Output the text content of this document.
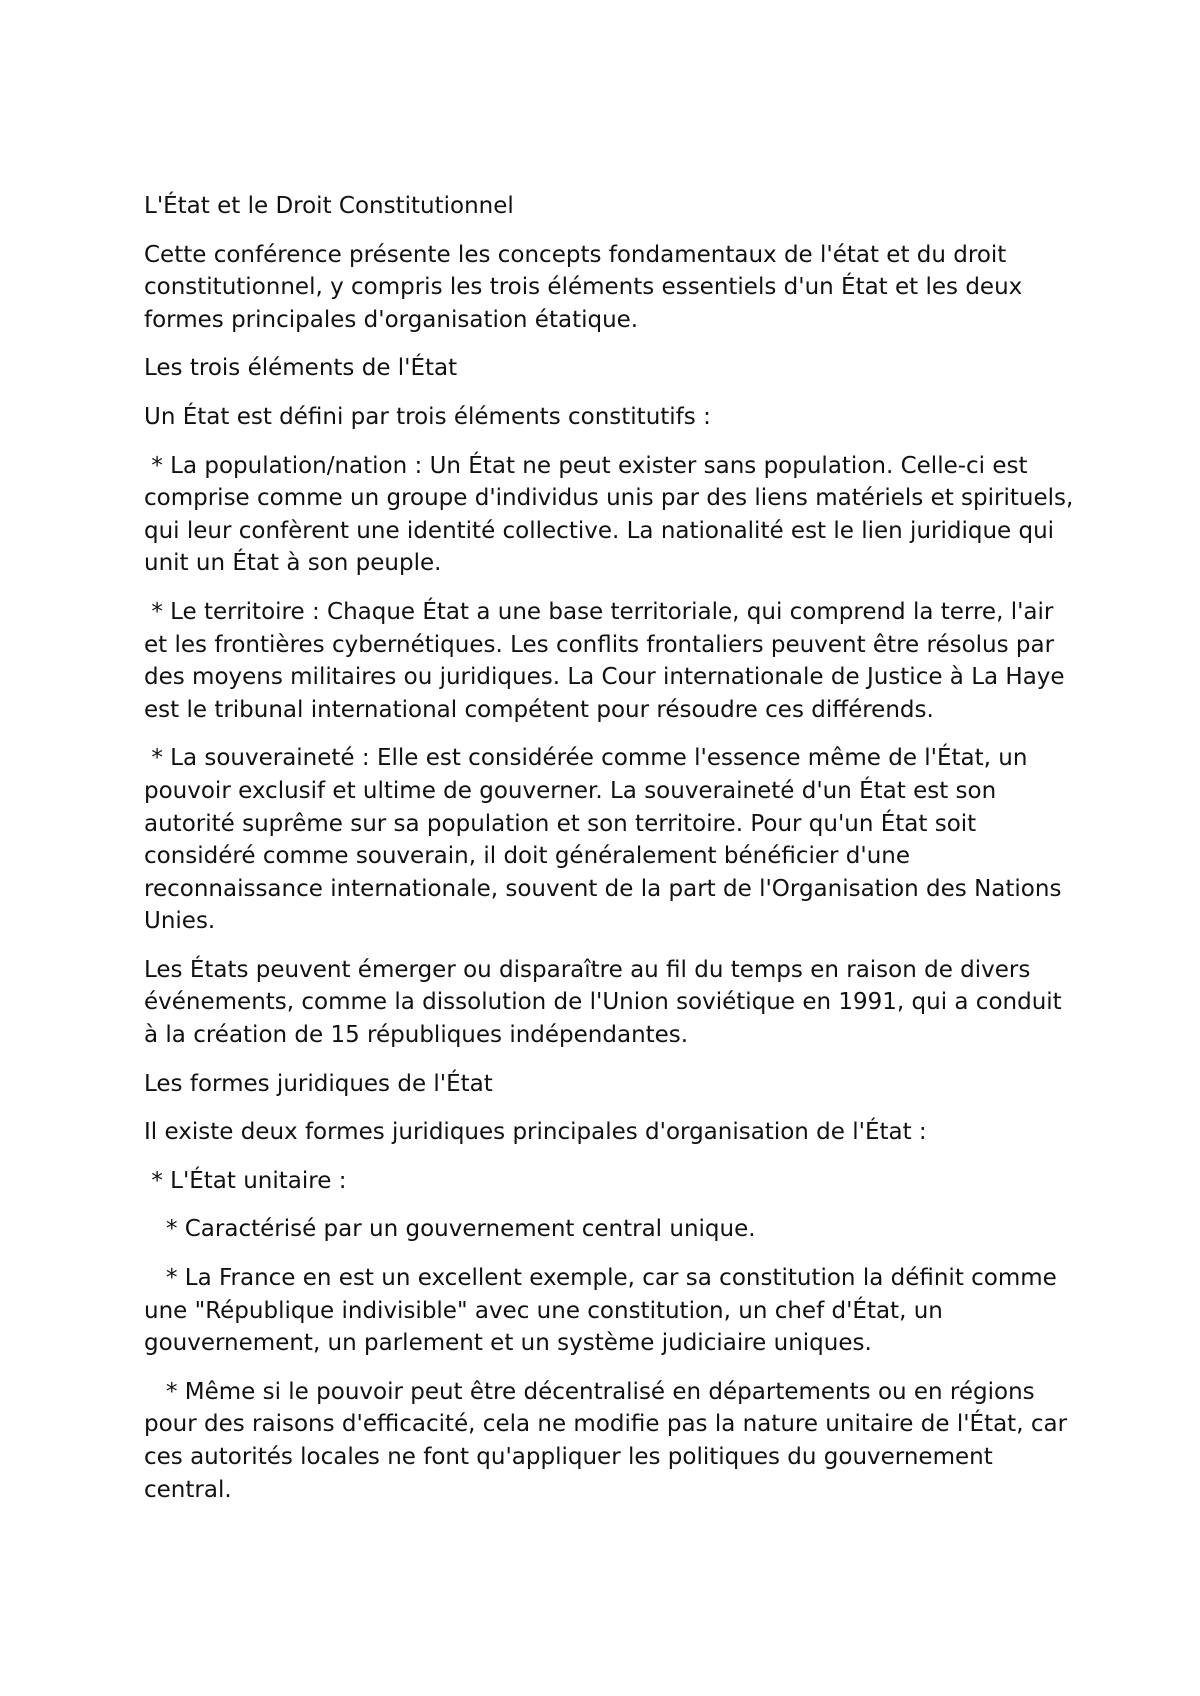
L'État et le Droit Constitutionnel

Cette conférence présente les concepts fondamentaux de l'état et du droit constitutionnel, y compris les trois éléments essentiels d'un État et les deux formes principales d'organisation étatique.

Les trois éléments de l'État

Un État est défini par trois éléments constitutifs :

* La population/nation : Un État ne peut exister sans population. Celle-ci est comprise comme un groupe d'individus unis par des liens matériels et spirituels, qui leur confèrent une identité collective. La nationalité est le lien juridique qui unit un État à son peuple.

* Le territoire : Chaque État a une base territoriale, qui comprend la terre, l'air et les frontières cybernétiques. Les conflits frontaliers peuvent être résolus par des moyens militaires ou juridiques. La Cour internationale de Justice à La Haye est le tribunal international compétent pour résoudre ces différends.

* La souveraineté : Elle est considérée comme l'essence même de l'État, un pouvoir exclusif et ultime de gouverner. La souveraineté d'un État est son autorité suprême sur sa population et son territoire. Pour qu'un État soit considéré comme souverain, il doit généralement bénéficier d'une reconnaissance internationale, souvent de la part de l'Organisation des Nations Unies.

Les États peuvent émerger ou disparaître au fil du temps en raison de divers événements, comme la dissolution de l'Union soviétique en 1991, qui a conduit à la création de 15 républiques indépendantes.

Les formes juridiques de l'État

Il existe deux formes juridiques principales d'organisation de l'État :

* L'État unitaire :

* Caractérisé par un gouvernement central unique.

* La France en est un excellent exemple, car sa constitution la définit comme une "République indivisible" avec une constitution, un chef d'État, un gouvernement, un parlement et un système judiciaire uniques.

* Même si le pouvoir peut être décentralisé en départements ou en régions pour des raisons d'efficacité, cela ne modifie pas la nature unitaire de l'État, car ces autorités locales ne font qu'appliquer les politiques du gouvernement central.
